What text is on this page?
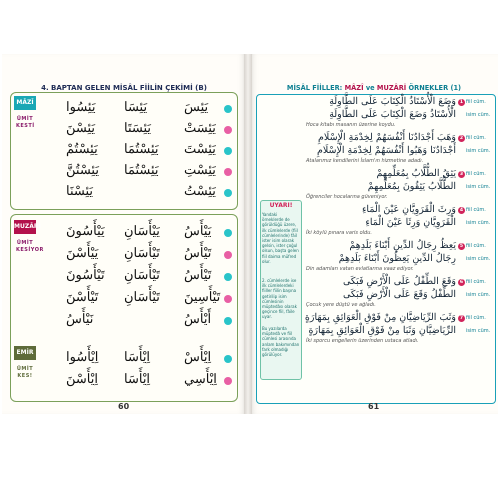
4. BAPTAN GELEN MİSÂL FİİLİN ÇEKİMİ (B)
MÂZÎ
ÜMİT KESTİ
يَئِسُوا يَئِسَا	يَئِسَ
يَئِسْنَ يَئِسَتَا	يَئِسَتْ
يَئِسْتُمْ يَئِسْتُمَا يَئِسْتَ
يَئِسْتُنَّ يَئِسْتُمَا يَئِسْتِ
يَئِسْنَا	يَئِسْتُ
MUZÂRİ
ÜMİT KESİYOR
يَيْأَسُونَ يَيْأَسَانِ يَيْأَسُ
يَيْأَسْنَ تَيْأَسَانِ تَيْأَسُ
تَيْأَسُونَ تَيْأَسَانِ تَيْأَسُ
تَيْأَسْنَ تَيْأَسَانِ تَيْأَسِينَ
نَيْأَسُ	أَيْأَسُ
EMİR
ÜMİT KES!
اِيْأَسُوا اِيْأَسَا	اِيْأَسْ
اِيْأَسْنَ اِيْأَسَا	اِيْأَسِي
60
MİSÂL FİİLLER: MÂZÎ ve MUZÂRİ ÖRNEKLER (1)
UYARI!
Yandaki örneklerde de görüldüğü üzere, ilk cümlelerde (fiil cümlelerinde) fâil ister isim olarak gelsin, ister çoğul olsun, başta gelen fiil daima müfred olur.
2. cümlelerde ise ilk cümlelerdeki fiiller fiilin başına getirilip isim cümlesinin müptedâsı olarak geçince fiil, fâile uyar.
Bu yazılarda müptedâ ve fiil cümlesi arasında anlam bakımından fark olmadığı görülüyor.
وَضَعَ الْأُسْتَاذُ الْكِتَابَ عَلَى الطَّاوِلَةِ 1 fiil cüm.
الْأُسْتَاذُ وَضَعَ الْكِتَابَ عَلَى الطَّاوِلَةِ isim cüm.
Hoca kitabı masanın üzerine koydu.
وَهَبَ أَجْدَادُنَا أَنْفُسَهُمْ لِخِدْمَةِ الْإِسْلَامِ 2 fiil cüm.
أَجْدَادُنَا وَهَبُوا أَنْفُسَهُمْ لِخِدْمَةِ الْإِسْلَامِ isim cüm.
Atalarımız kendilerini İslam'ın hizmetine adadı.
يَثِقُ الطُّلَّابُ بِمُعَلِّمِهِمْ 3 fiil cüm.
الطُّلَّابُ يَثِقُونَ بِمُعَلِّمِهِمْ isim cüm.
Öğrenciler hocalarına güveniyor.
وَرِثَ الْقَرَوِيَّانِ عَيْنَ الْمَاءِ 4 fiil cüm.
الْقَرَوِيَّانِ وَرِثَا عَيْنَ الْمَاءِ isim cüm.
İki köylü pınara varis oldu.
يَعِظُ رِجَالُ الدِّينِ أَبْنَاءَ بَلَدِهِمْ 5 fiil cüm.
رِجَالُ الدِّينِ يَعِظُونَ أَبْنَاءَ بَلَدِهِمْ isim cüm.
Din adamları vatan evlatlarına vaaz ediyor.
وَقَعَ الطِّفْلُ عَلَى الْأَرْضِ فَبَكَى 6 fiil cüm.
الطِّفْلُ وَقَعَ عَلَى الْأَرْضِ فَبَكَى isim cüm.
Çocuk yere düştü ve ağladı.
وَثَبَ الرِّيَاضِيَّانِ مِنْ فَوْقِ الْعَوَائِقِ بِمَهَارَةٍ 7 fiil cüm.
الرِّيَاضِيَّانِ وَثَبَا مِنْ فَوْقِ الْعَوَائِقِ بِمَهَارَةٍ isim cüm.
İki sporcu engellerin üzerinden ustaca atladı.
61
